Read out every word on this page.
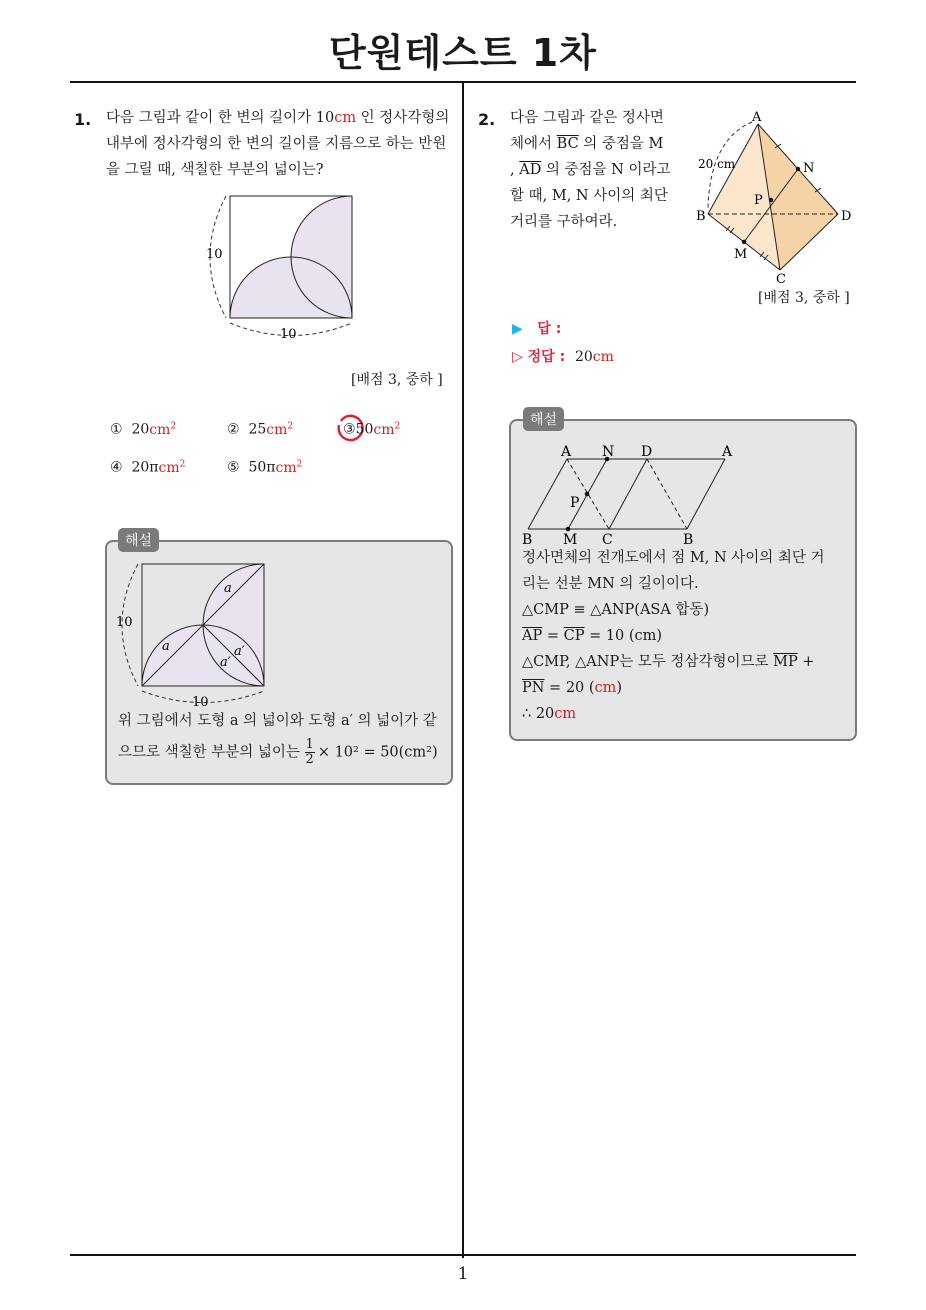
단원테스트 1차
1. 다음 그림과 같이 한 변의 길이가 10cm 인 정사각형의 내부에 정사각형의 한 변의 길이를 지름으로 하는 반원을 그릴 때, 색칠한 부분의 넓이는?
10
10
[배점 3, 중하 ]
① $20cm^2$	② $25cm^2$	$③50cm^2$
④ 20πcm$^2$	⑤ 50πcm$^2$
해설
10
10
a
a
a′
a′
위 그림에서 도형 a 의 넓이와 도형 a′ 의 넓이가 같
으므로 색칠한 부분의 넓이는 $\frac{1}{2} \times 10^2 = 50(cm^2)$
2. 다음 그림과 같은 정사면
체에서 $\overline{BC}$ 의 중점을 M
, $\overline{AD}$ 의 중점을 N 이라고
할 때, M, N 사이의 최단
거리를 구하여라.
A
B
C
D
M
N
P
20 cm
[배점 3, 중하 ]
▶ 답 :
▷ 정답 : 20cm
해설
A N D	A
B M C	B
P
정사면체의 전개도에서 점 M, N 사이의 최단 거
리는 선분 MN 의 길이이다.
△CMP ≡ △ANP(ASA 합동)
$\overline{AP} = \overline{CP} = 10$ (cm)
△CMP, △ANP는 모두 정삼각형이므로 $\overline{MP}$ +
$\overline{PN} = 20$ (cm)
∴ 20cm
1
